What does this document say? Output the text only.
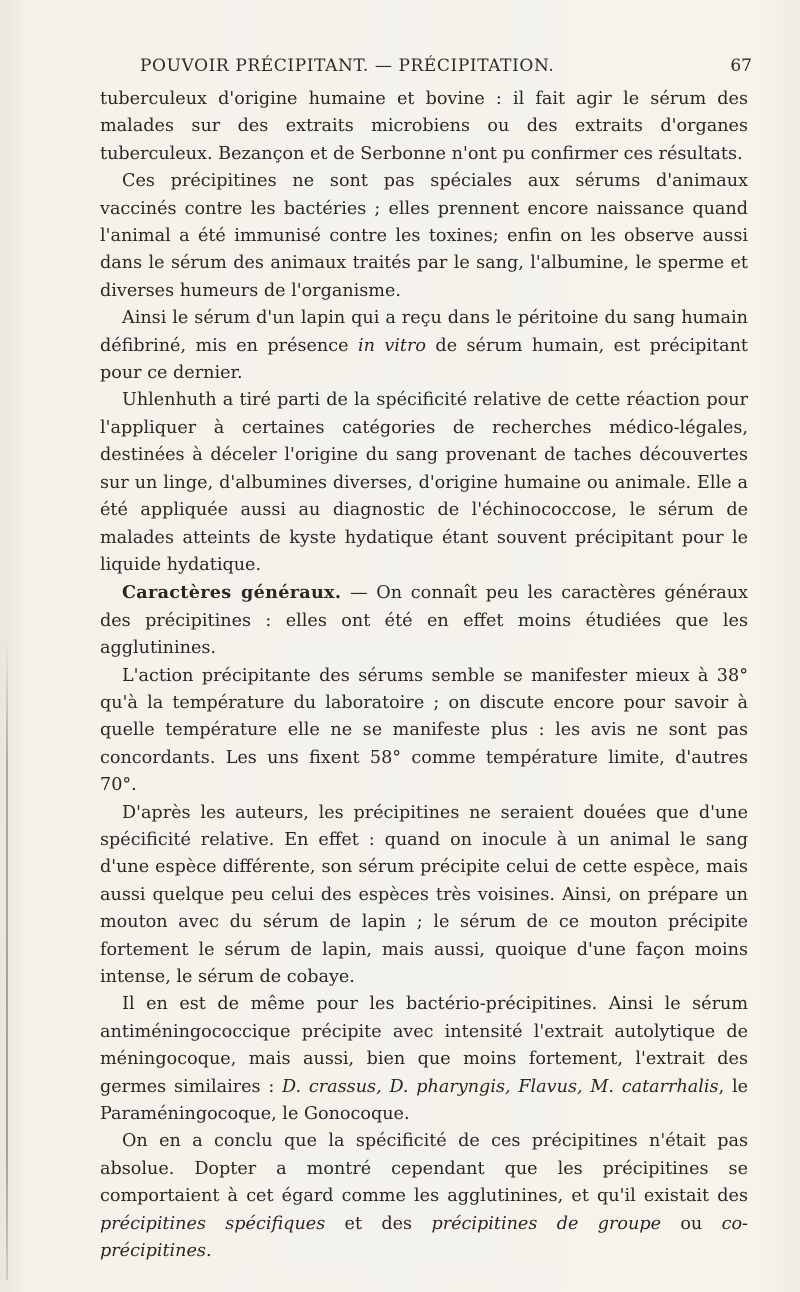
POUVOIR PRÉCIPITANT. — PRÉCIPITATION.	67

tuberculeux d'origine humaine et bovine : il fait agir le sérum des malades sur des extraits microbiens ou des extraits d'organes tuberculeux. Bezançon et de Serbonne n'ont pu confirmer ces résultats.

Ces précipitines ne sont pas spéciales aux sérums d'animaux vaccinés contre les bactéries ; elles prennent encore naissance quand l'animal a été immunisé contre les toxines; enfin on les observe aussi dans le sérum des animaux traités par le sang, l'albumine, le sperme et diverses humeurs de l'organisme.

Ainsi le sérum d'un lapin qui a reçu dans le péritoine du sang humain défibriné, mis en présence in vitro de sérum humain, est précipitant pour ce dernier.

Uhlenhuth a tiré parti de la spécificité relative de cette réaction pour l'appliquer à certaines catégories de recherches médico-légales, destinées à déceler l'origine du sang provenant de taches découvertes sur un linge, d'albumines diverses, d'origine humaine ou animale. Elle a été appliquée aussi au diagnostic de l'échinococcose, le sérum de malades atteints de kyste hydatique étant souvent précipitant pour le liquide hydatique.

Caractères généraux. — On connaît peu les caractères généraux des précipitines : elles ont été en effet moins étudiées que les agglutinines.

L'action précipitante des sérums semble se manifester mieux à 38° qu'à la température du laboratoire ; on discute encore pour savoir à quelle température elle ne se manifeste plus : les avis ne sont pas concordants. Les uns fixent 58° comme température limite, d'autres 70°.

D'après les auteurs, les précipitines ne seraient douées que d'une spécificité relative. En effet : quand on inocule à un animal le sang d'une espèce différente, son sérum précipite celui de cette espèce, mais aussi quelque peu celui des espèces très voisines. Ainsi, on prépare un mouton avec du sérum de lapin ; le sérum de ce mouton précipite fortement le sérum de lapin, mais aussi, quoique d'une façon moins intense, le sérum de cobaye.

Il en est de même pour les bactério-précipitines. Ainsi le sérum antiméningococcique précipite avec intensité l'extrait autolytique de méningocoque, mais aussi, bien que moins fortement, l'extrait des germes similaires : D. crassus, D. pharyngis, Flavus, M. catarrhalis, le Paraméningocoque, le Gonocoque.

On en a conclu que la spécificité de ces précipitines n'était pas absolue. Dopter a montré cependant que les précipitines se comportaient à cet égard comme les agglutinines, et qu'il existait des précipitines spécifiques et des précipitines de groupe ou co-précipitines.
